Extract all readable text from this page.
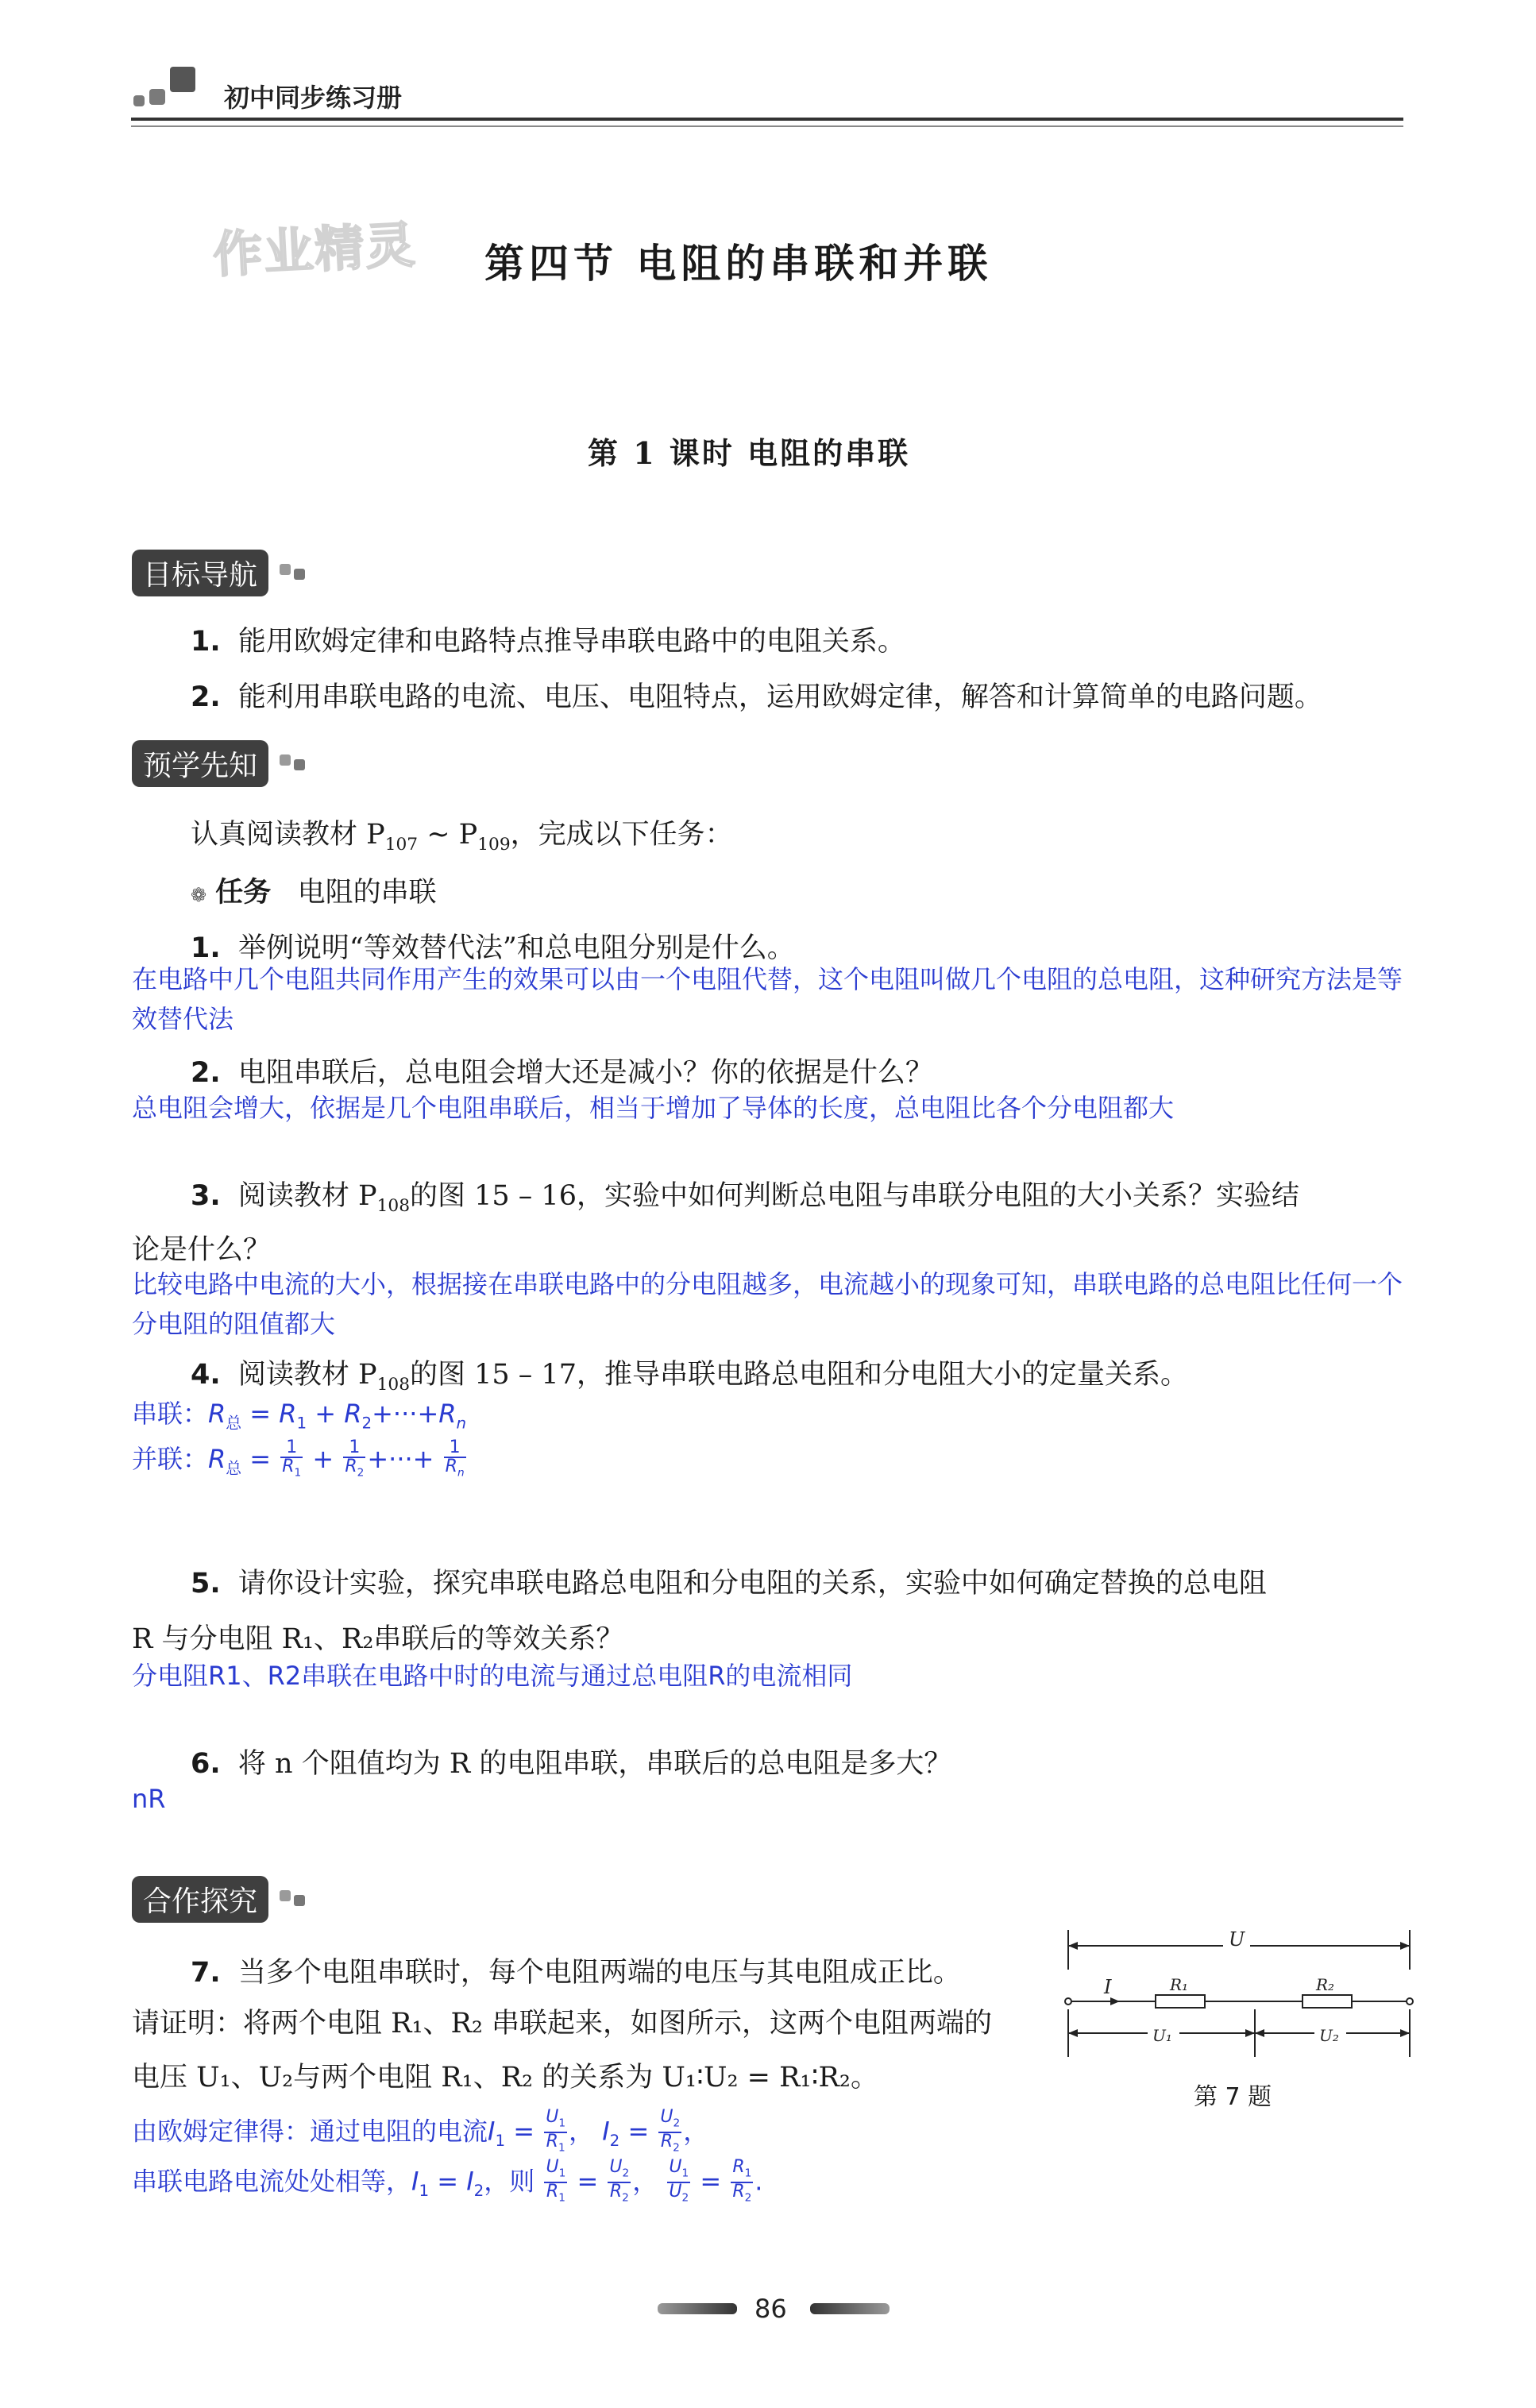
初中同步练习册
作业精灵 第四节 电阻的串联和并联
第 1 课时 电阻的串联
目标导航
1. 能用欧姆定律和电路特点推导串联电路中的电阻关系。
2. 能利用串联电路的电流、电压、电阻特点，运用欧姆定律，解答和计算简单的电路问题。
预学先知
认真阅读教材 $P_{107}$ ~ $P_{109}$，完成以下任务：
❁ 任务 电阻的串联
1. 举例说明“等效替代法”和总电阻分别是什么。
在电路中几个电阻共同作用产生的效果可以由一个电阻代替，这个电阻叫做几个电阻的总电阻，这种研究方法是等效替代法
2. 电阻串联后，总电阻会增大还是减小？你的依据是什么？
总电阻会增大，依据是几个电阻串联后，相当于增加了导体的长度，总电阻比各个分电阻都大
3. 阅读教材 $P_{108}$的图 15 – 16，实验中如何判断总电阻与串联分电阻的大小关系？实验结
论是什么？
比较电路中电流的大小，根据接在串联电路中的分电阻越多，电流越小的现象可知，串联电路的总电阻比任何一个分电阻的阻值都大
4. 阅读教材 $P_{108}$的图 15 – 17，推导串联电路总电阻和分电阻大小的定量关系。
串联：$R_总 = R_1 + R_2+\cdot\cdot\cdot+R_n$
并联：$R_总 = \frac{1}{R_1} + \frac{1}{R_2}$ +···+ $\frac{1}{R_n}$
5. 请你设计实验，探究串联电路总电阻和分电阻的关系，实验中如何确定替换的总电阻
R 与分电阻 R₁、R₂串联后的等效关系？
分电阻R1、R2串联在电路中时的电流与通过总电阻R的电流相同
6. 将 n 个阻值均为 R 的电阻串联，串联后的总电阻是多大？
nR
合作探究
7. 当多个电阻串联时，每个电阻两端的电压与其电阻成正比。
请证明：将两个电阻 R₁、R₂ 串联起来，如图所示，这两个电阻两端的
电压 U₁、U₂与两个电阻 R₁、R₂ 的关系为 U₁∶U₂ = R₁∶R₂。
由欧姆定律得：通过电阻的电流$I_1 = \frac{U_1}{R_1}$ ， $I_2 = \frac{U_2}{R_2}$ ，
串联电路电流处处相等，$I_1 = I_2$，则 $\frac{U_1}{R_1} = \frac{U_2}{R_2}$ ， $\frac{U_1}{U_2} = \frac{R_1}{R_2}$ .
U
I	R₁	R₂
U₁	U₂
第 7 题
86
